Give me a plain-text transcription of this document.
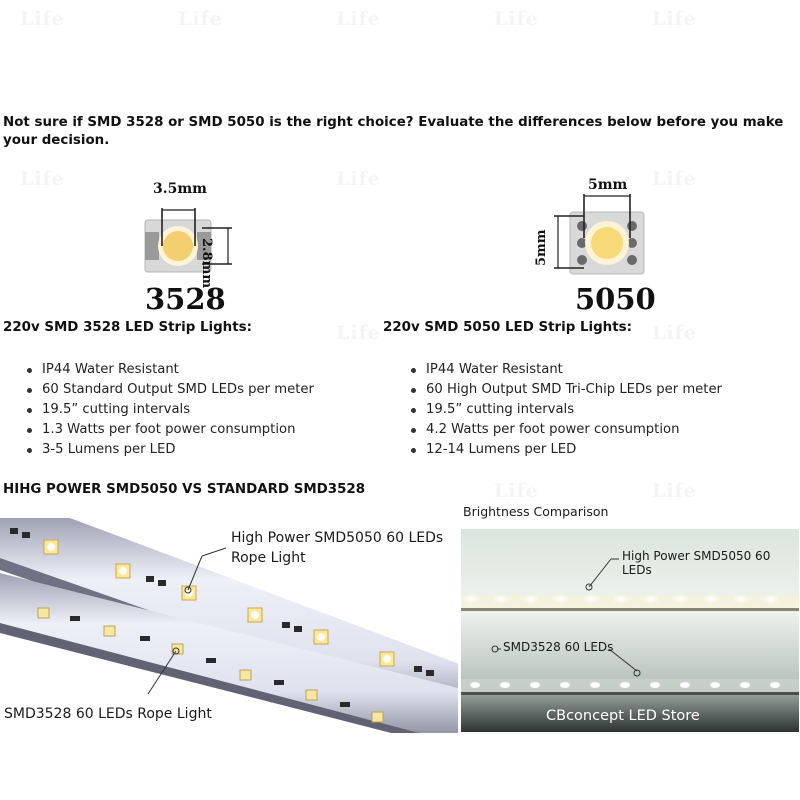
Not sure if SMD 3528 or SMD 5050 is the right choice? Evaluate the differences below before you make your decision.
3.5mm
2.8mm
3528
5mm
5mm
5050
220v SMD 3528 LED Strip Lights:
IP44 Water Resistant
60 Standard Output SMD LEDs per meter
19.5” cutting intervals
1.3 Watts per foot power consumption
3-5 Lumens per LED
220v SMD 5050 LED Strip Lights:
IP44 Water Resistant
60 High Output SMD Tri-Chip LEDs per meter
19.5” cutting intervals
4.2 Watts per foot power consumption
12-14 Lumens per LED
HIHG POWER SMD5050 VS STANDARD SMD3528
High Power SMD5050 60 LEDs
Rope Light
SMD3528 60 LEDs Rope Light
Brightness Comparison
High Power SMD5050 60 LEDs
SMD3528 60 LEDs
CBconcept LED Store
